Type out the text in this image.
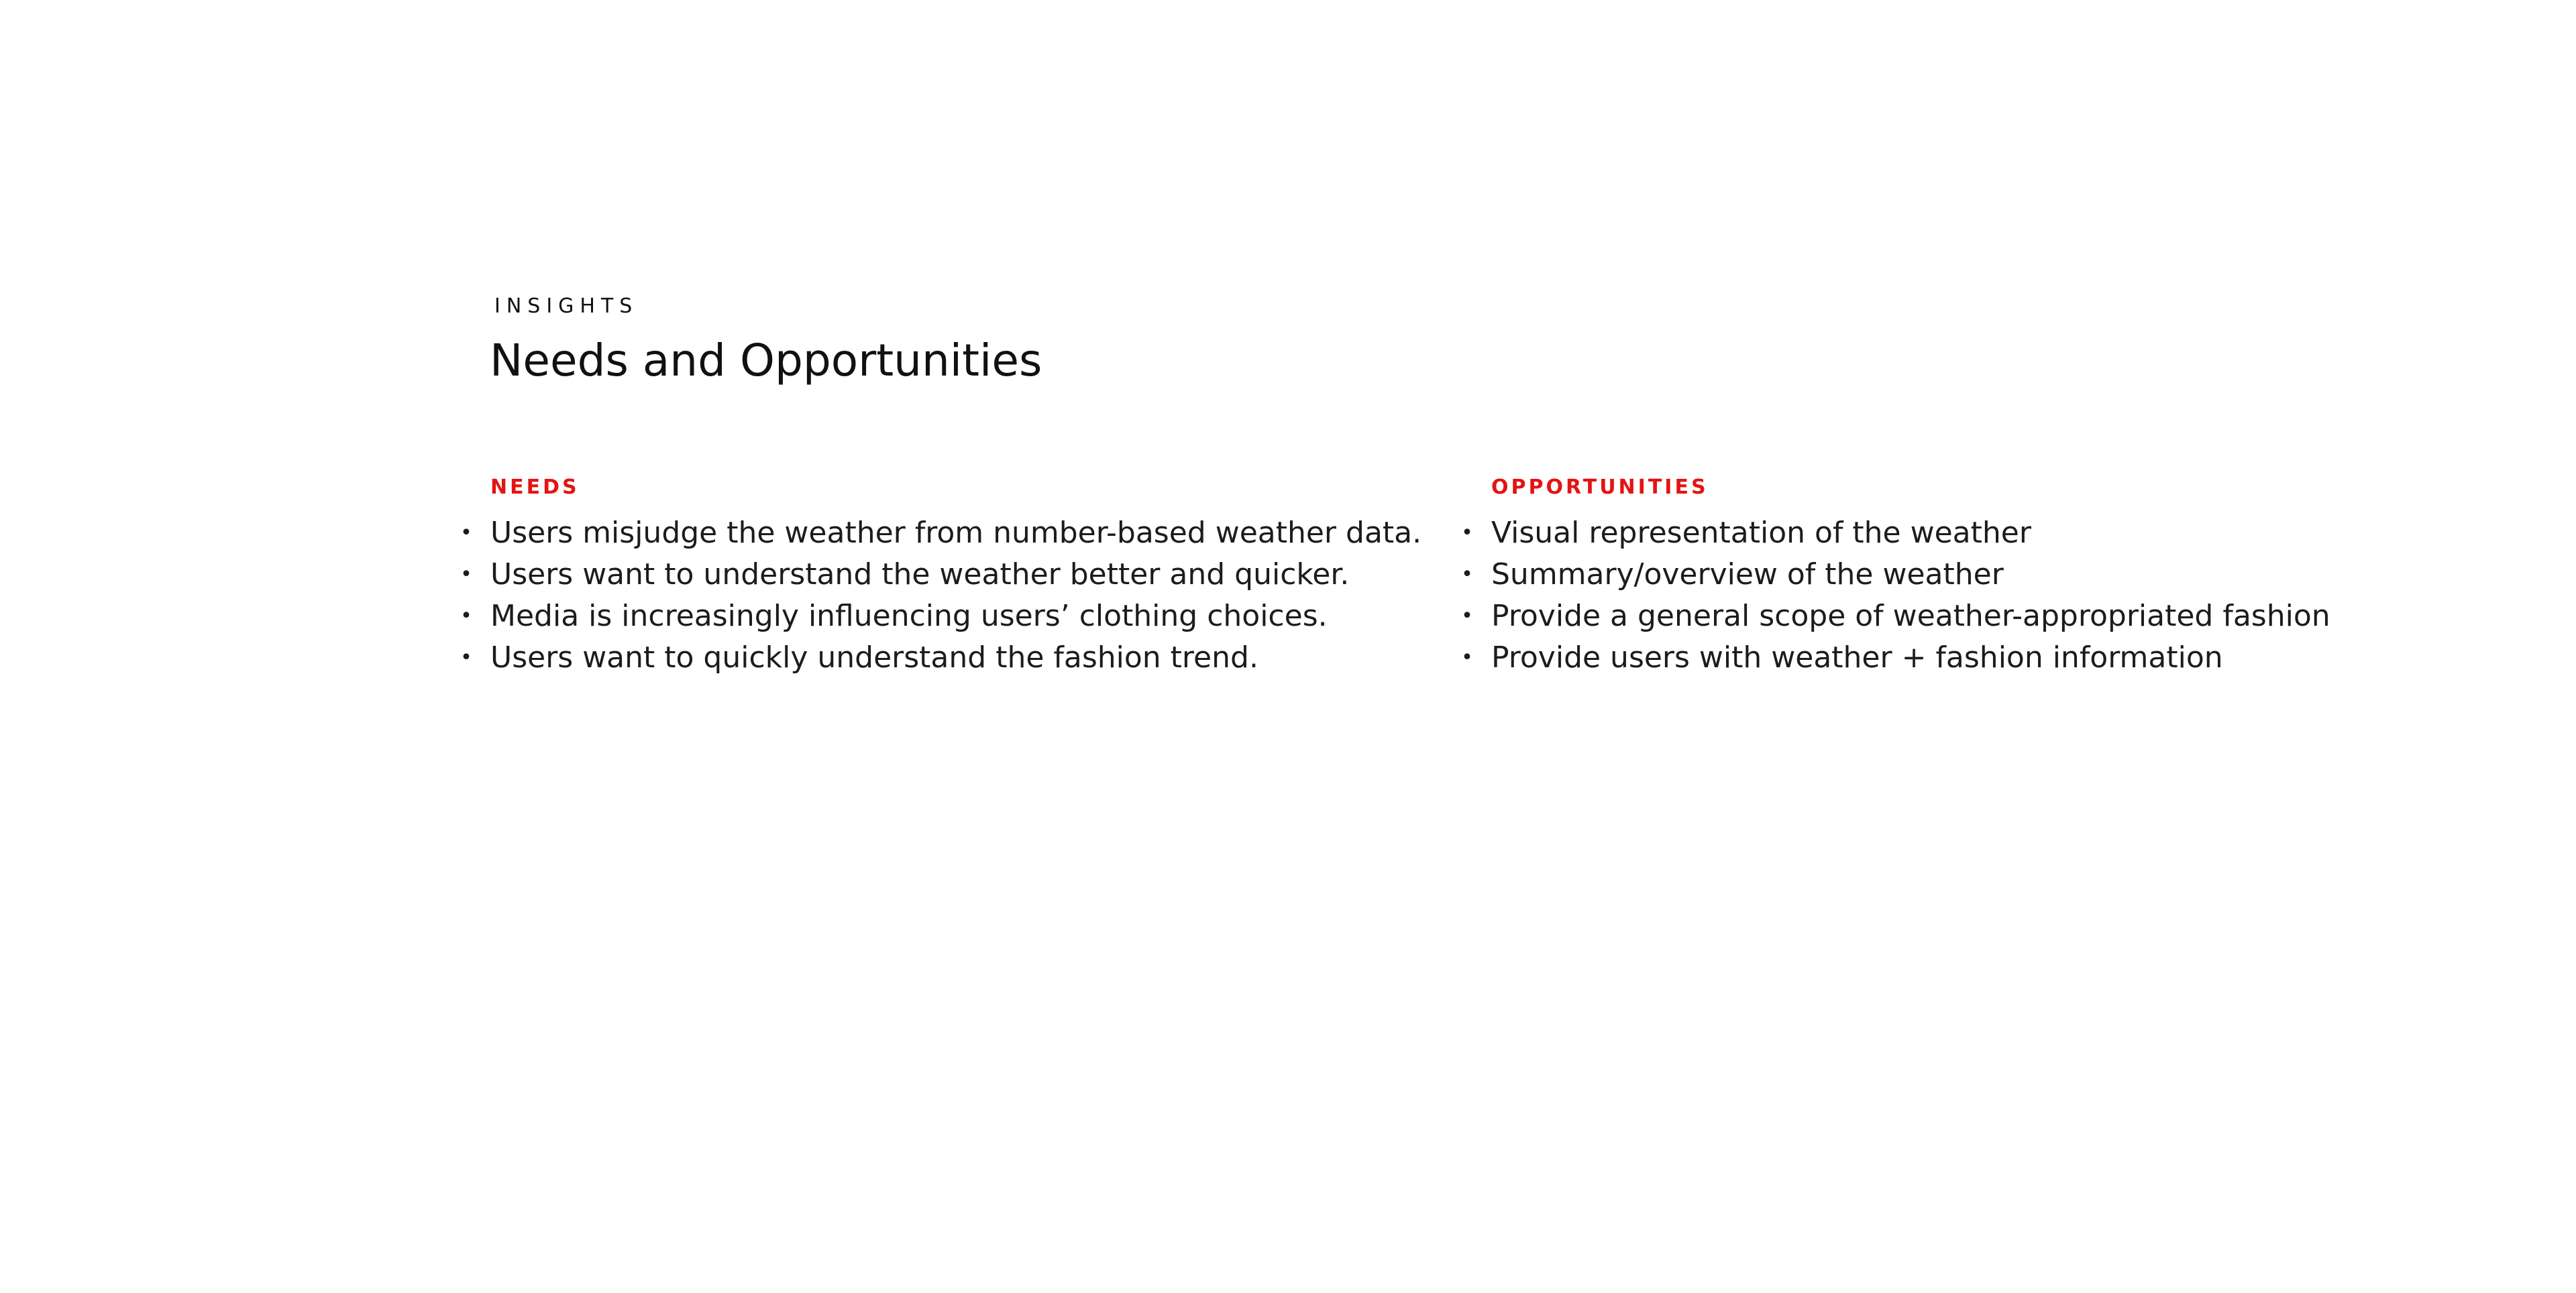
INSIGHTS

Needs and Opportunities
NEEDS
• Users misjudge the weather from number-based weather data.
• Users want to understand the weather better and quicker.
• Media is increasingly influencing users’ clothing choices.
• Users want to quickly understand the fashion trend.
OPPORTUNITIES
• Visual representation of the weather
• Summary/overview of the weather
• Provide a general scope of weather-appropriated fashion
• Provide users with weather + fashion information
